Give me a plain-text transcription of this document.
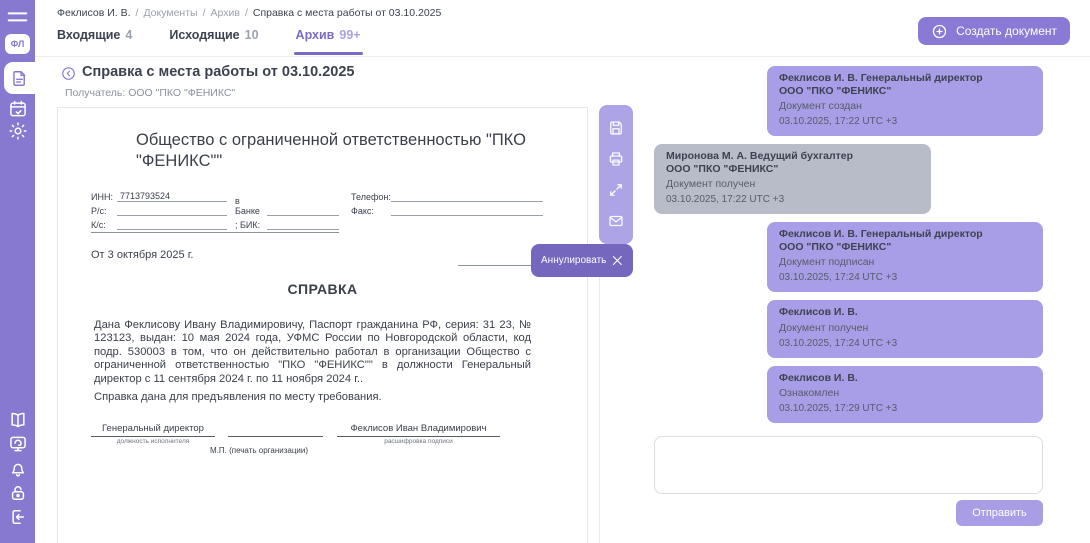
ФЛ
Феклисов И. В. / Документы / Архив / Справка с места работы от 03.10.2025
Создать документ
Входящие 4	Исходящие 10	Архив 99+
Справка с места работы от 03.10.2025
Получатель: ООО "ПКО "ФЕНИКС"
Общество с ограниченной ответственностью "ПКО "ФЕНИКС""
ИНН: 7713793524
Р/с:
в Банке
К/с:	; БИК:
Телефон:
Факс:
От 3 октября 2025 г.
СПРАВКА

Дана Феклисову Ивану Владимировичу, Паспорт гражданина РФ, серия: 31 23, № 123123, выдан: 10 мая 2024 года, УФМС России по Новгородской области, код подр. 530003 в том, что он действительно работал в организации Общество с ограниченной ответственностью "ПКО "ФЕНИКС"" в должности Генеральный директор с 11 сентября 2024 г. по 11 ноября 2024 г..

Справка дана для предъявления по месту требования.

Генеральный директор
должность исполнителя
Феклисов Иван Владимирович
расшифровка подписи
М.П. (печать организации)
Аннулировать
Феклисов И. В. Генеральный директор
ООО "ПКО "ФЕНИКС"
Документ создан
03.10.2025, 17:22 UTC +3
Миронова М. А. Ведущий бухгалтер
ООО "ПКО "ФЕНИКС"
Документ получен
03.10.2025, 17:22 UTC +3
Феклисов И. В. Генеральный директор
ООО "ПКО "ФЕНИКС"
Документ подписан
03.10.2025, 17:24 UTC +3
Феклисов И. В.
Документ получен
03.10.2025, 17:24 UTC +3
Феклисов И. В.
Ознакомлен
03.10.2025, 17:29 UTC +3
Отправить
